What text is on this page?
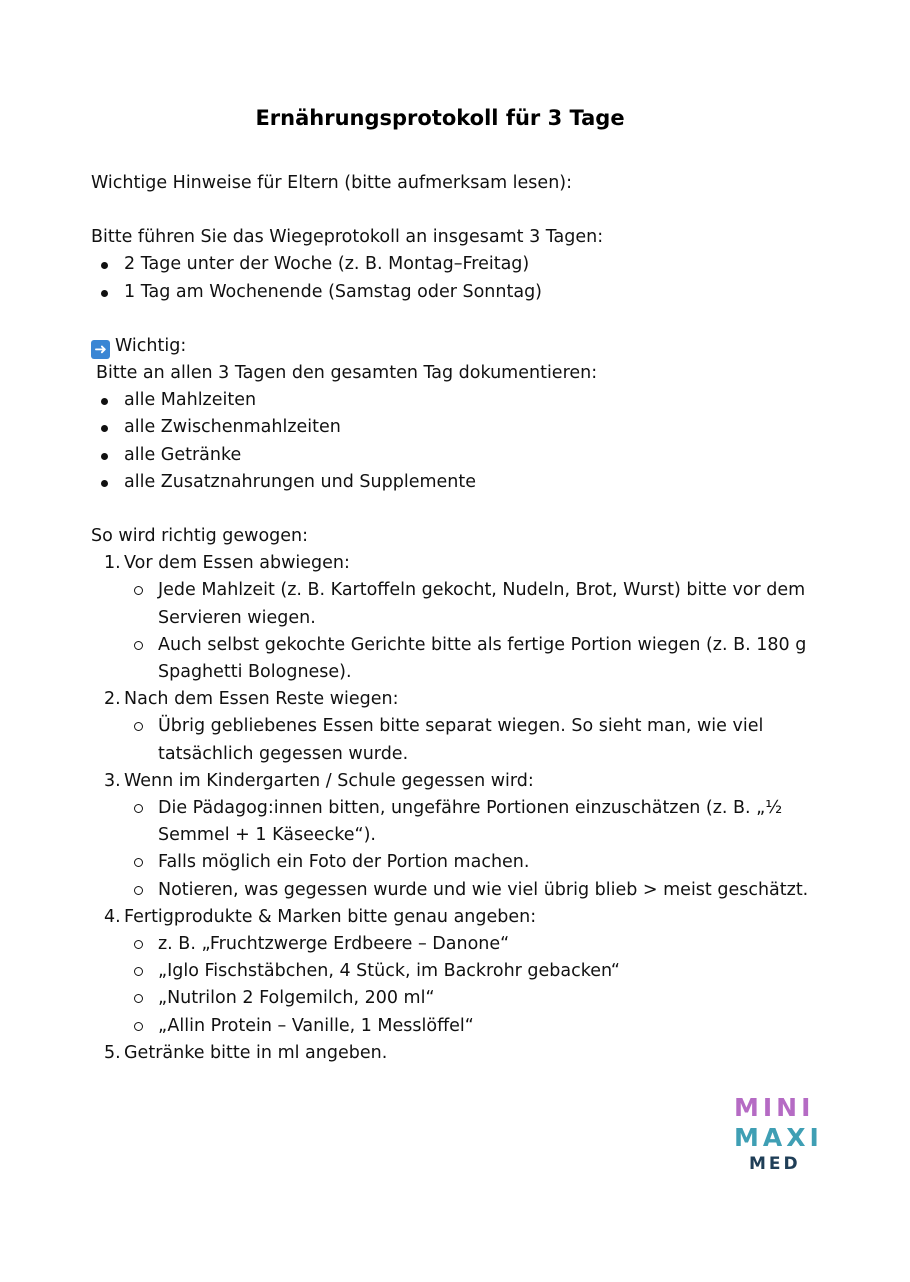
Ernährungsprotokoll für 3 Tage

Wichtige Hinweise für Eltern (bitte aufmerksam lesen):

Bitte führen Sie das Wiegeprotokoll an insgesamt 3 Tagen:

2 Tage unter der Woche (z. B. Montag–Freitag)
1 Tag am Wochenende (Samstag oder Sonntag)

➜ Wichtig:

Bitte an allen 3 Tagen den gesamten Tag dokumentieren:

alle Mahlzeiten
alle Zwischenmahlzeiten
alle Getränke
alle Zusatznahrungen und Supplemente

So wird richtig gewogen:

1. Vor dem Essen abwiegen:
Jede Mahlzeit (z. B. Kartoffeln gekocht, Nudeln, Brot, Wurst) bitte vor dem Servieren wiegen.
Auch selbst gekochte Gerichte bitte als fertige Portion wiegen (z. B. 180 g Spaghetti Bolognese).
2. Nach dem Essen Reste wiegen:
Übrig gebliebenes Essen bitte separat wiegen. So sieht man, wie viel tatsächlich gegessen wurde.
3. Wenn im Kindergarten / Schule gegessen wird:
Die Pädagog:innen bitten, ungefähre Portionen einzuschätzen (z. B. „½ Semmel + 1 Käseecke“).
Falls möglich ein Foto der Portion machen.
Notieren, was gegessen wurde und wie viel übrig blieb > meist geschätzt.
4. Fertigprodukte & Marken bitte genau angeben:
z. B. „Fruchtzwerge Erdbeere – Danone“
„Iglo Fischstäbchen, 4 Stück, im Backrohr gebacken“
„Nutrilon 2 Folgemilch, 200 ml“
„Allin Protein – Vanille, 1 Messlöffel“
5. Getränke bitte in ml angeben.
MINI
MAXI
MED
